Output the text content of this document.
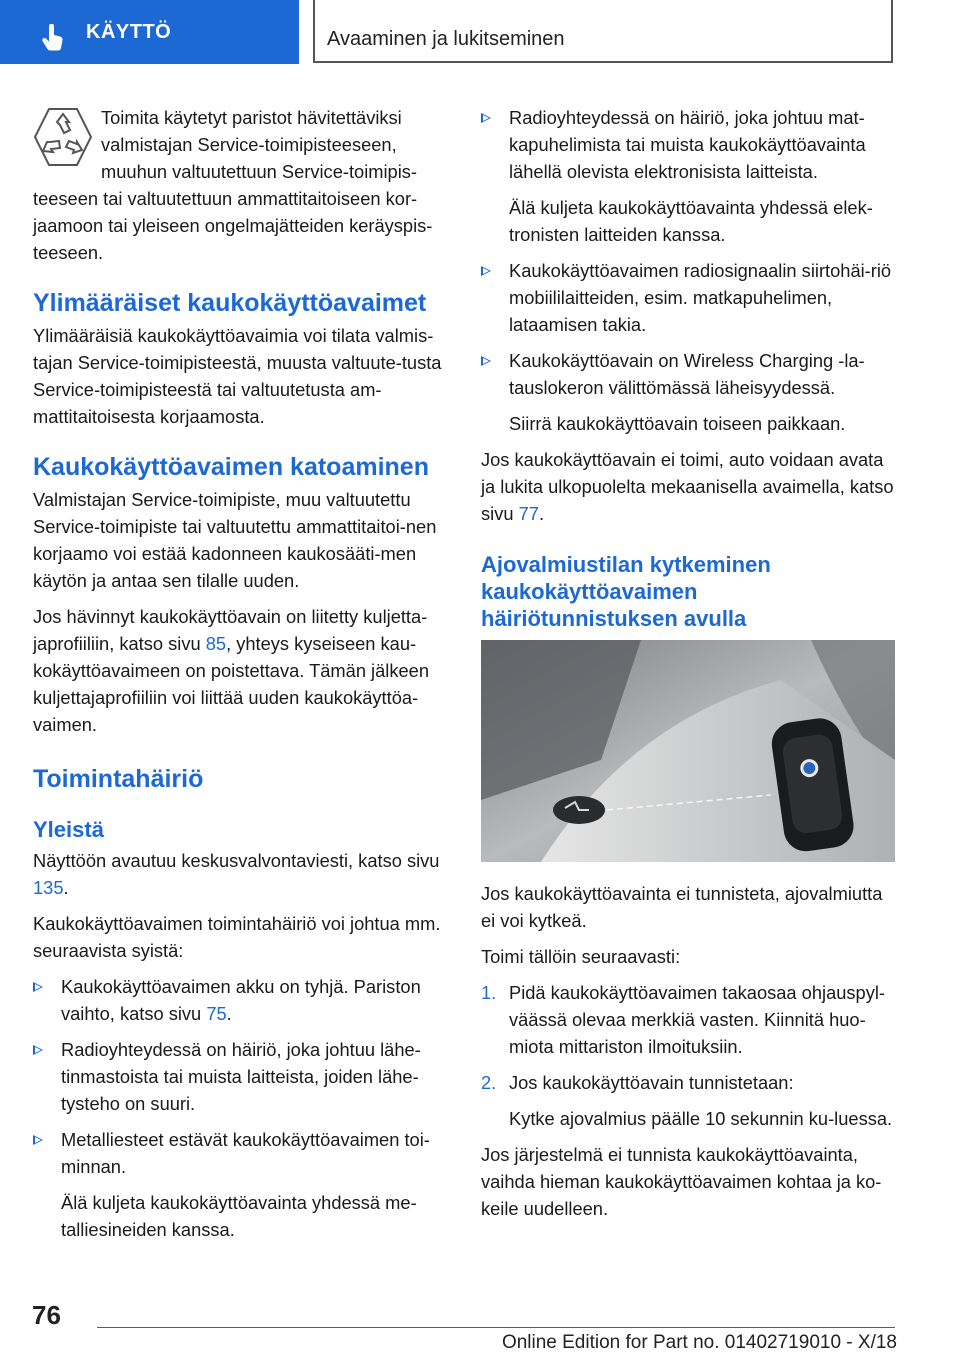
KÄYTTÖ	Avaaminen ja lukitseminen

Toimita käytetyt paristot hävitettäviksi valmistajan Service-toimipisteeseen, muuhun valtuutettuun Service-toimipis-teeseen tai valtuutettuun ammattitaitoiseen kor-jaamoon tai yleiseen ongelmajätteiden keräyspis-teeseen.

Ylimääräiset kaukokäyttöavaimet

Ylimääräisiä kaukokäyttöavaimia voi tilata valmis-tajan Service-toimipisteestä, muusta valtuute-tusta Service-toimipisteestä tai valtuutetusta am-mattitaitoisesta korjaamosta.

Kaukokäyttöavaimen katoaminen

Valmistajan Service-toimipiste, muu valtuutettu Service-toimipiste tai valtuutettu ammattitaitoi-nen korjaamo voi estää kadonneen kaukosääti-men käytön ja antaa sen tilalle uuden.

Jos hävinnyt kaukokäyttöavain on liitetty kuljetta-japrofiiliin, katso sivu 85, yhteys kyseiseen kau-kokäyttöavaimeen on poistettava. Tämän jälkeen kuljettajaprofiiliin voi liittää uuden kaukokäyttöa-vaimen.

Toimintahäiriö
Yleistä

Näyttöön avautuu keskusvalvontaviesti, katso sivu 135.

Kaukokäyttöavaimen toimintahäiriö voi johtua mm. seuraavista syistä:

Kaukokäyttöavaimen akku on tyhjä. Pariston vaihto, katso sivu 75.
Radioyhteydessä on häiriö, joka johtuu lähe-tinmastoista tai muista laitteista, joiden lähe-tysteho on suuri.
Metalliesteet estävät kaukokäyttöavaimen toi-minnan.
Älä kuljeta kaukokäyttöavainta yhdessä me-talliesineiden kanssa.
Radioyhteydessä on häiriö, joka johtuu mat-kapuhelimista tai muista kaukokäyttöavainta lähellä olevista elektronisista laitteista.
Älä kuljeta kaukokäyttöavainta yhdessä elek-tronisten laitteiden kanssa.
Kaukokäyttöavaimen radiosignaalin siirtohäi-riö mobiililaitteiden, esim. matkapuhelimen, lataamisen takia.
Kaukokäyttöavain on Wireless Charging -la-tauslokeron välittömässä läheisyydessä.
Siirrä kaukokäyttöavain toiseen paikkaan.

Jos kaukokäyttöavain ei toimi, auto voidaan avata ja lukita ulkopuolelta mekaanisella avaimella, katso sivu 77.

Ajovalmiustilan kytkeminen kaukokäyttöavaimen häiriötunnistuksen avulla

Jos kaukokäyttöavainta ei tunnisteta, ajovalmiutta ei voi kytkeä.

Toimi tällöin seuraavasti:

1. Pidä kaukokäyttöavaimen takaosaa ohjauspyl-väässä olevaa merkkiä vasten. Kiinnitä huo-miota mittariston ilmoituksiin.
2. Jos kaukokäyttöavain tunnistetaan:
Kytke ajovalmius päälle 10 sekunnin ku-luessa.

Jos järjestelmä ei tunnista kaukokäyttöavainta, vaihda hieman kaukokäyttöavaimen kohtaa ja ko-keile uudelleen.

76
Online Edition for Part no. 01402719010 - X/18
